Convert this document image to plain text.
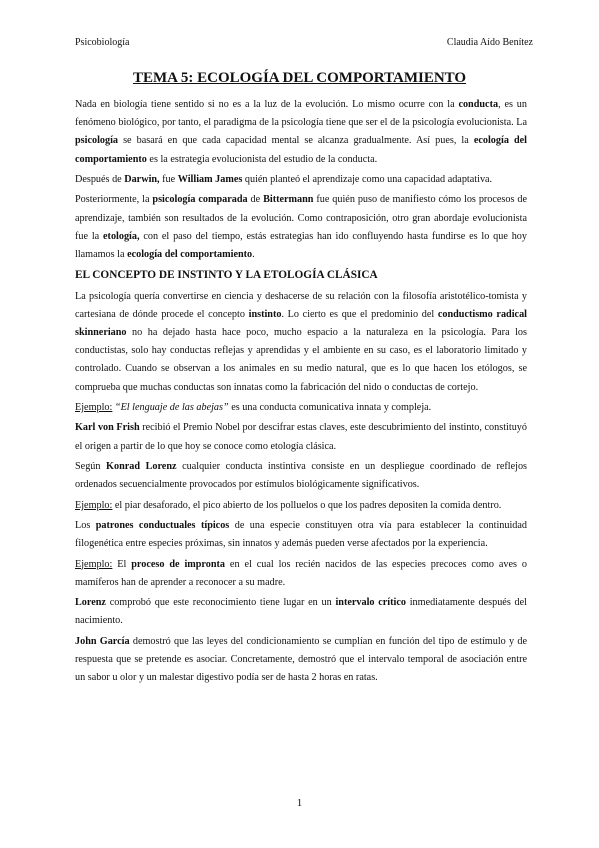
Psicobiología	Claudia Aído Benítez
TEMA 5: ECOLOGÍA DEL COMPORTAMIENTO

Nada en biología tiene sentido si no es a la luz de la evolución. Lo mismo ocurre con la conducta, es un fenómeno biológico, por tanto, el paradigma de la psicología tiene que ser el de la psicología evolucionista. La psicología se basará en que cada capacidad mental se alcanza gradualmente. Así pues, la ecología del comportamiento es la estrategia evolucionista del estudio de la conducta.

Después de Darwin, fue William James quién planteó el aprendizaje como una capacidad adaptativa.

Posteriormente, la psicología comparada de Bittermann fue quién puso de manifiesto cómo los procesos de aprendizaje, también son resultados de la evolución. Como contraposición, otro gran abordaje evolucionista fue la etología, con el paso del tiempo, estás estrategias han ido confluyendo hasta fundirse es lo que hoy llamamos la ecología del comportamiento.

EL CONCEPTO DE INSTINTO Y LA ETOLOGÍA CLÁSICA

La psicología quería convertirse en ciencia y deshacerse de su relación con la filosofía aristotélico-tomista y cartesiana de dónde procede el concepto instinto. Lo cierto es que el predominio del conductismo radical skinneriano no ha dejado hasta hace poco, mucho espacio a la naturaleza en la psicología. Para los conductistas, solo hay conductas reflejas y aprendidas y el ambiente en su caso, es el laboratorio limitado y controlado. Cuando se observan a los animales en su medio natural, que es lo que hacen los etólogos, se comprueba que muchas conductas son innatas como la fabricación del nido o conductas de cortejo.

Ejemplo: “El lenguaje de las abejas” es una conducta comunicativa innata y compleja.

Karl von Frish recibió el Premio Nobel por descifrar estas claves, este descubrimiento del instinto, constituyó el origen a partir de lo que hoy se conoce como etología clásica.

Según Konrad Lorenz cualquier conducta instintiva consiste en un despliegue coordinado de reflejos ordenados secuencialmente provocados por estímulos biológicamente significativos.

Ejemplo: el piar desaforado, el pico abierto de los polluelos o que los padres depositen la comida dentro.

Los patrones conductuales típicos de una especie constituyen otra vía para establecer la continuidad filogenética entre especies próximas, sin innatos y además pueden verse afectados por la experiencia.

Ejemplo: El proceso de impronta en el cual los recién nacidos de las especies precoces como aves o mamíferos han de aprender a reconocer a su madre.

Lorenz comprobó que este reconocimiento tiene lugar en un intervalo crítico inmediatamente después del nacimiento.

John García demostró que las leyes del condicionamiento se cumplían en función del tipo de estímulo y de respuesta que se pretende es asociar. Concretamente, demostró que el intervalo temporal de asociación entre un sabor u olor y un malestar digestivo podía ser de hasta 2 horas en ratas.

1
